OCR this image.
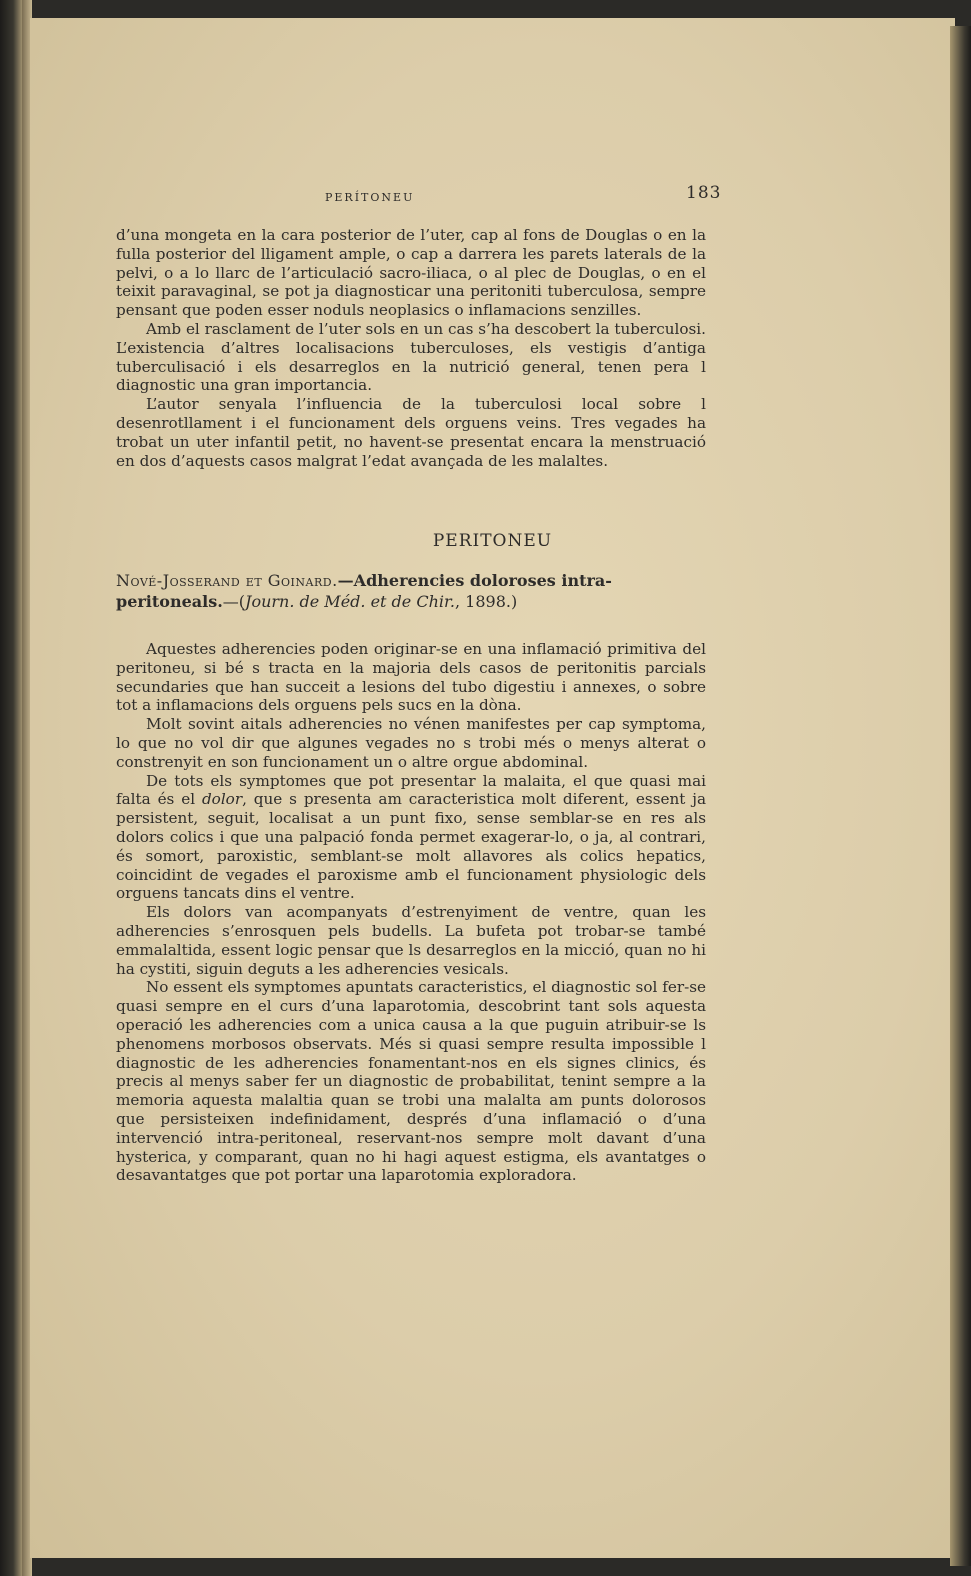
PERÍTONEU	183

d’una mongeta en la cara posterior de l’uter, cap al fons de Douglas o en la fulla posterior del lligament ample, o cap a darrera les parets laterals de la pelvi, o a lo llarc de l’articulació sacro-iliaca, o al plec de Douglas, o en el teixit paravaginal, se pot ja diagnosticar una peritoniti tuberculosa, sempre pensant que poden esser noduls neoplasics o inflamacions senzilles.

Amb el rasclament de l’uter sols en un cas s’ha descobert la tuberculosi. L’existencia d’altres localisacions tuberculoses, els vestigis d’antiga tuberculisació i els desarreglos en la nutrició general, tenen pera l diagnostic una gran importancia.

L’autor senyala l’influencia de la tuberculosi local sobre l desenrotllament i el funcionament dels orguens veins. Tres vegades ha trobat un uter infantil petit, no havent-se presentat encara la menstruació en dos d’aquests casos malgrat l’edat avançada de les malaltes.

PERITONEU
Nové-Josserand et Goinard.—Adherencies doloroses intra-peritoneals.—(Journ. de Méd. et de Chir., 1898.)

Aquestes adherencies poden originar-se en una inflamació primitiva del peritoneu, si bé s tracta en la majoria dels casos de peritonitis parcials secundaries que han succeit a lesions del tubo digestiu i annexes, o sobre tot a inflamacions dels orguens pels sucs en la dòna.

Molt sovint aitals adherencies no vénen manifestes per cap symptoma, lo que no vol dir que algunes vegades no s trobi més o menys alterat o constrenyit en son funcionament un o altre orgue abdominal.

De tots els symptomes que pot presentar la malaita, el que quasi mai falta és el dolor, que s presenta am caracteristica molt diferent, essent ja persistent, seguit, localisat a un punt fixo, sense semblar-se en res als dolors colics i que una palpació fonda permet exagerar-lo, o ja, al contrari, és somort, paroxistic, semblant-se molt allavores als colics hepatics, coincidint de vegades el paroxisme amb el funcionament physiologic dels orguens tancats dins el ventre.

Els dolors van acompanyats d’estrenyiment de ventre, quan les adherencies s’enrosquen pels budells. La bufeta pot trobar-se també emmalaltida, essent logic pensar que ls desarreglos en la micció, quan no hi ha cystiti, siguin deguts a les adherencies vesicals.

No essent els symptomes apuntats caracteristics, el diagnostic sol fer-se quasi sempre en el curs d’una laparotomia, descobrint tant sols aquesta operació les adherencies com a unica causa a la que puguin atribuir-se ls phenomens morbosos observats. Més si quasi sempre resulta impossible l diagnostic de les adherencies fonamentant-nos en els signes clinics, és precis al menys saber fer un diagnostic de probabilitat, tenint sempre a la memoria aquesta malaltia quan se trobi una malalta am punts dolorosos que persisteixen indefinidament, després d’una inflamació o d’una intervenció intra-peritoneal, reservant-nos sempre molt davant d’una hysterica, y comparant, quan no hi hagi aquest estigma, els avantatges o desavantatges que pot portar una laparotomia exploradora.
